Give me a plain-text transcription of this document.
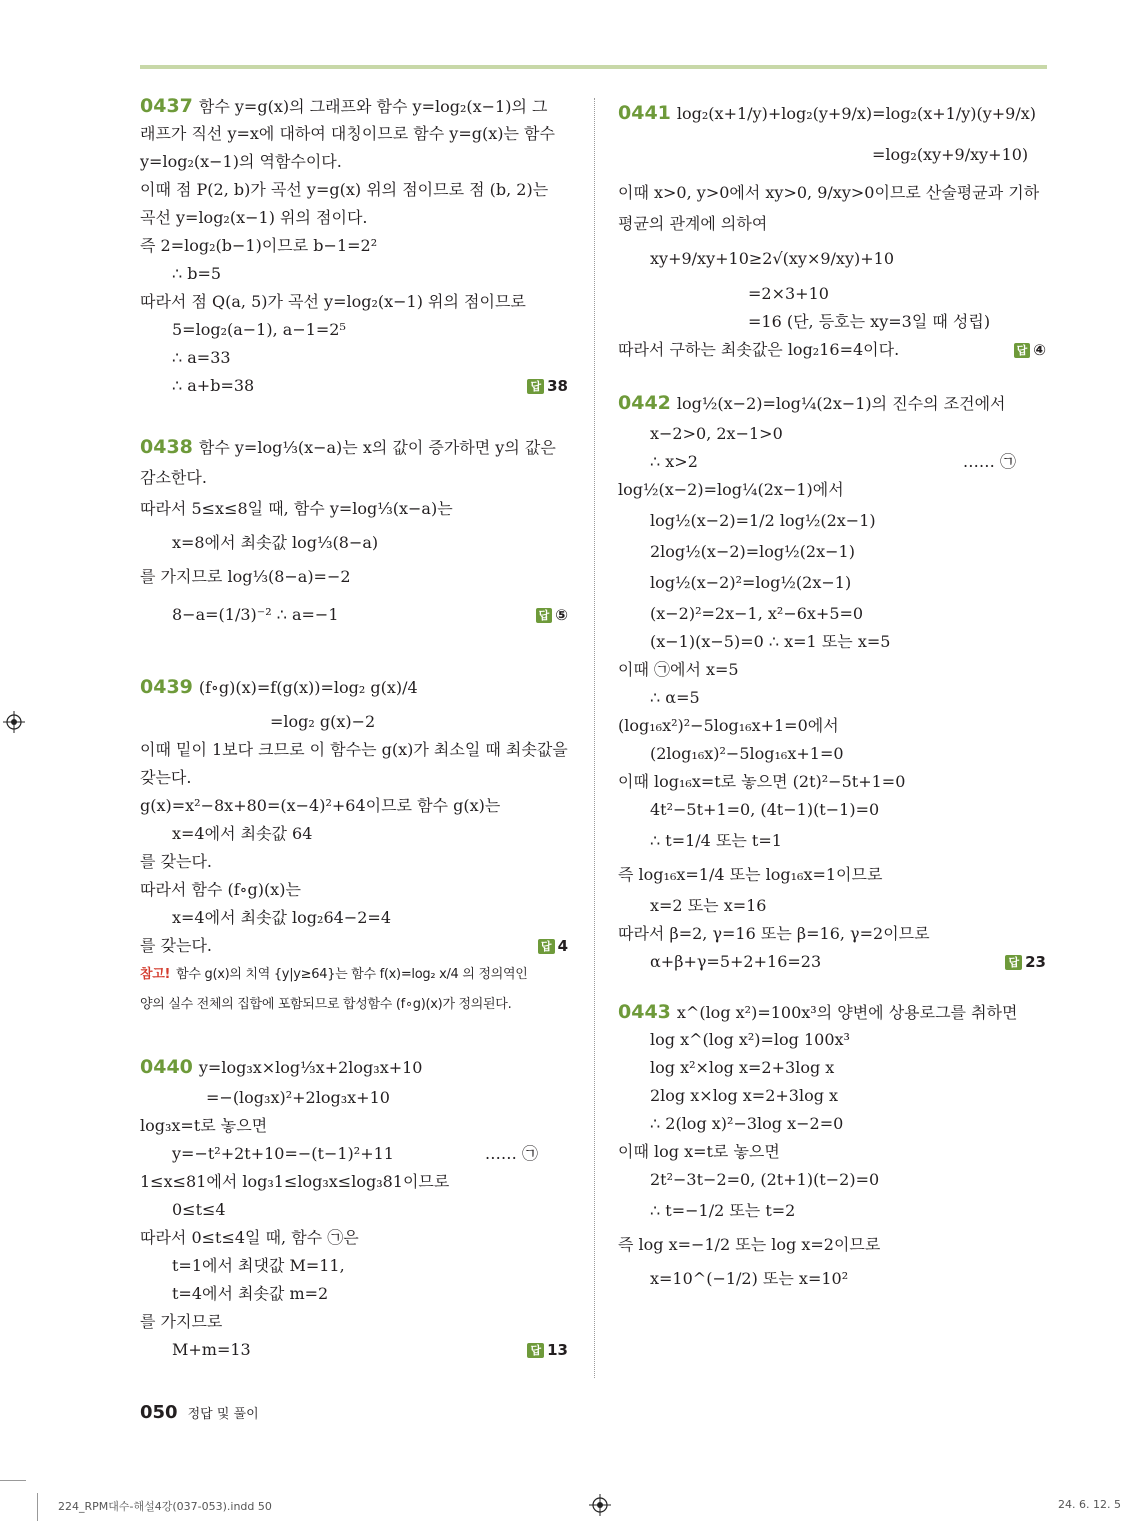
0437 함수 y=g(x)의 그래프와 함수 y=log₂(x−1)의 그
래프가 직선 y=x에 대하여 대칭이므로 함수 y=g(x)는 함수
y=log₂(x−1)의 역함수이다.
이때 점 P(2, b)가 곡선 y=g(x) 위의 점이므로 점 (b, 2)는
곡선 y=log₂(x−1) 위의 점이다.
즉 2=log₂(b−1)이므로 b−1=2²
∴ b=5
따라서 점 Q(a, 5)가 곡선 y=log₂(x−1) 위의 점이므로
5=log₂(a−1), a−1=2⁵
∴ a=33
∴ a+b=38	답 38
0438 함수 y=log⅓(x−a)는 x의 값이 증가하면 y의 값은
감소한다.
따라서 5≤x≤8일 때, 함수 y=log⅓(x−a)는
x=8에서 최솟값 log⅓(8−a)
를 가지므로 log⅓(8−a)=−2
8−a=(1/3)⁻² ∴ a=−1	답 ⑤
0439 (f∘g)(x)=f(g(x))=log₂ g(x)/4
=log₂ g(x)−2
이때 밑이 1보다 크므로 이 함수는 g(x)가 최소일 때 최솟값을
갖는다.
g(x)=x²−8x+80=(x−4)²+64이므로 함수 g(x)는
x=4에서 최솟값 64
를 갖는다.
따라서 함수 (f∘g)(x)는
x=4에서 최솟값 log₂64−2=4
를 갖는다.	답 4
참고! 함수 g(x)의 치역 {y|y≥64}는 함수 f(x)=log₂ x/4 의 정의역인
양의 실수 전체의 집합에 포함되므로 합성함수 (f∘g)(x)가 정의된다.
0440 y=log₃x×log⅓x+2log₃x+10
=−(log₃x)²+2log₃x+10
log₃x=t로 놓으면
y=−t²+2t+10=−(t−1)²+11	…… ㉠
1≤x≤81에서 log₃1≤log₃x≤log₃81이므로
0≤t≤4
따라서 0≤t≤4일 때, 함수 ㉠은
t=1에서 최댓값 M=11,
t=4에서 최솟값 m=2
를 가지므로
M+m=13	답 13
0441 log₂(x+1/y)+log₂(y+9/x)=log₂(x+1/y)(y+9/x)
=log₂(xy+9/xy+10)
이때 x>0, y>0에서 xy>0, 9/xy>0이므로 산술평균과 기하
평균의 관계에 의하여
xy+9/xy+10≥2√(xy×9/xy)+10
=2×3+10
=16 (단, 등호는 xy=3일 때 성립)
따라서 구하는 최솟값은 log₂16=4이다.	답 ④
0442 log½(x−2)=log¼(2x−1)의 진수의 조건에서
x−2>0, 2x−1>0
∴ x>2	…… ㉠
log½(x−2)=log¼(2x−1)에서
log½(x−2)=1/2 log½(2x−1)
2log½(x−2)=log½(2x−1)
log½(x−2)²=log½(2x−1)
(x−2)²=2x−1, x²−6x+5=0
(x−1)(x−5)=0 ∴ x=1 또는 x=5
이때 ㉠에서 x=5
∴ α=5
(log₁₆x²)²−5log₁₆x+1=0에서
(2log₁₆x)²−5log₁₆x+1=0
이때 log₁₆x=t로 놓으면 (2t)²−5t+1=0
4t²−5t+1=0, (4t−1)(t−1)=0
∴ t=1/4 또는 t=1
즉 log₁₆x=1/4 또는 log₁₆x=1이므로
x=2 또는 x=16
따라서 β=2, γ=16 또는 β=16, γ=2이므로
α+β+γ=5+2+16=23	답 23
0443 x^(log x²)=100x³의 양변에 상용로그를 취하면
log x^(log x²)=log 100x³
log x²×log x=2+3log x
2log x×log x=2+3log x
∴ 2(log x)²−3log x−2=0
이때 log x=t로 놓으면
2t²−3t−2=0, (2t+1)(t−2)=0
∴ t=−1/2 또는 t=2
즉 log x=−1/2 또는 log x=2이므로
x=10^(−1/2) 또는 x=10²
050 정답 및 풀이
224_RPM대수-해설4강(037-053).indd 50	24. 6. 12. 5
